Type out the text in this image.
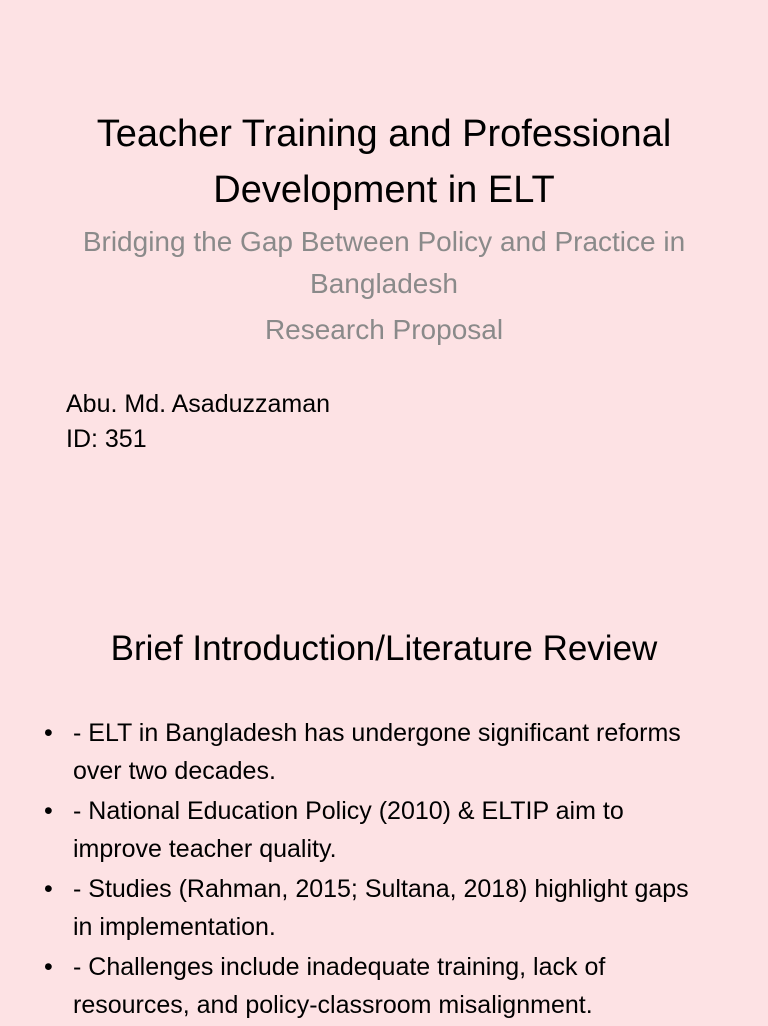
Teacher Training and Professional Development in ELT

Bridging the Gap Between Policy and Practice in Bangladesh

Research Proposal

Abu. Md. Asaduzzaman
ID: 351
Brief Introduction/Literature Review
• - ELT in Bangladesh has undergone significant reforms over two decades.
• - National Education Policy (2010) & ELTIP aim to improve teacher quality.
• - Studies (Rahman, 2015; Sultana, 2018) highlight gaps in implementation.
• - Challenges include inadequate training, lack of resources, and policy-classroom misalignment.
